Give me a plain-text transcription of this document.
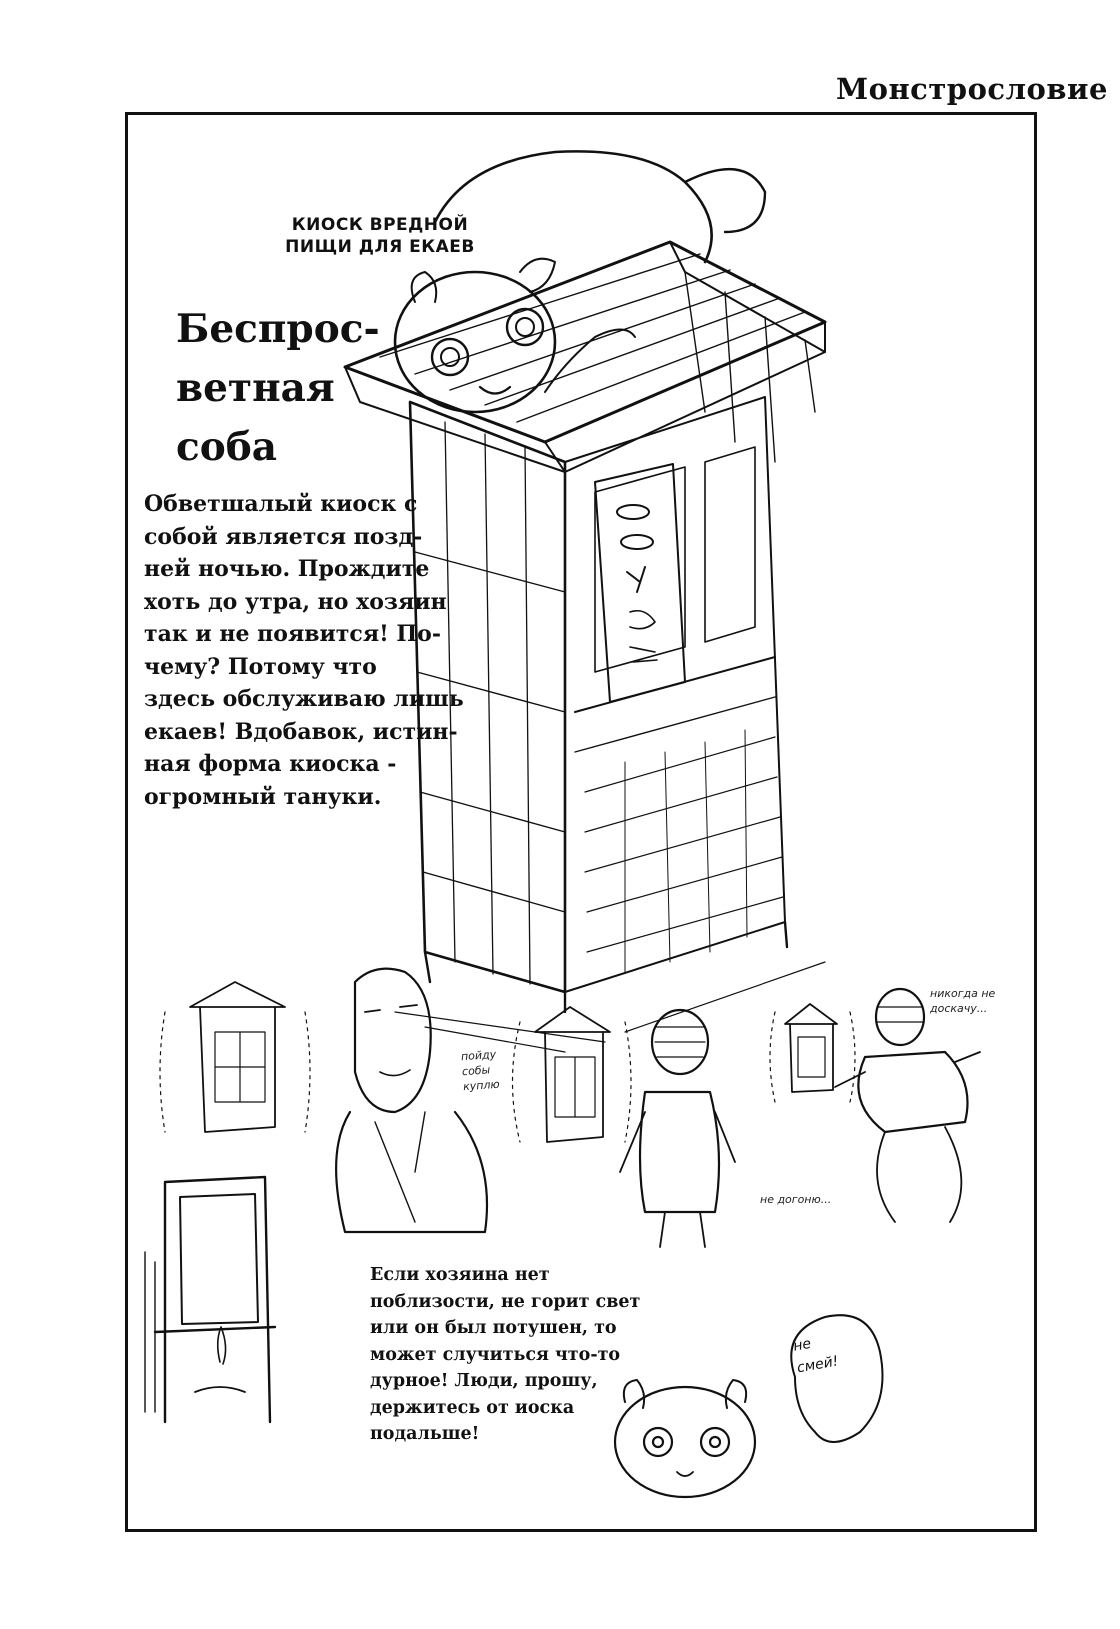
Монстрословие
КИОСК ВРЕДНОЙ
ПИЩИ ДЛЯ ЕКАЕВ
Беспрос-
ветная
соба
Обветшалый киоск с
собой является позд-
ней ночью. Прождите
хоть до утра, но хозяин
так и не появится! По-
чему? Потому что
здесь обслуживаю лишь
екаев! Вдобавок, истин-
ная форма киоска -
огромный тануки.
пойду
собы
куплю
не догоню...
никогда не
доскачу...
не
смей!
Если хозяина нет
поблизости, не горит свет
или он был потушен, то
может случиться что-то
дурное! Люди, прошу,
держитесь от иоска
подальше!
